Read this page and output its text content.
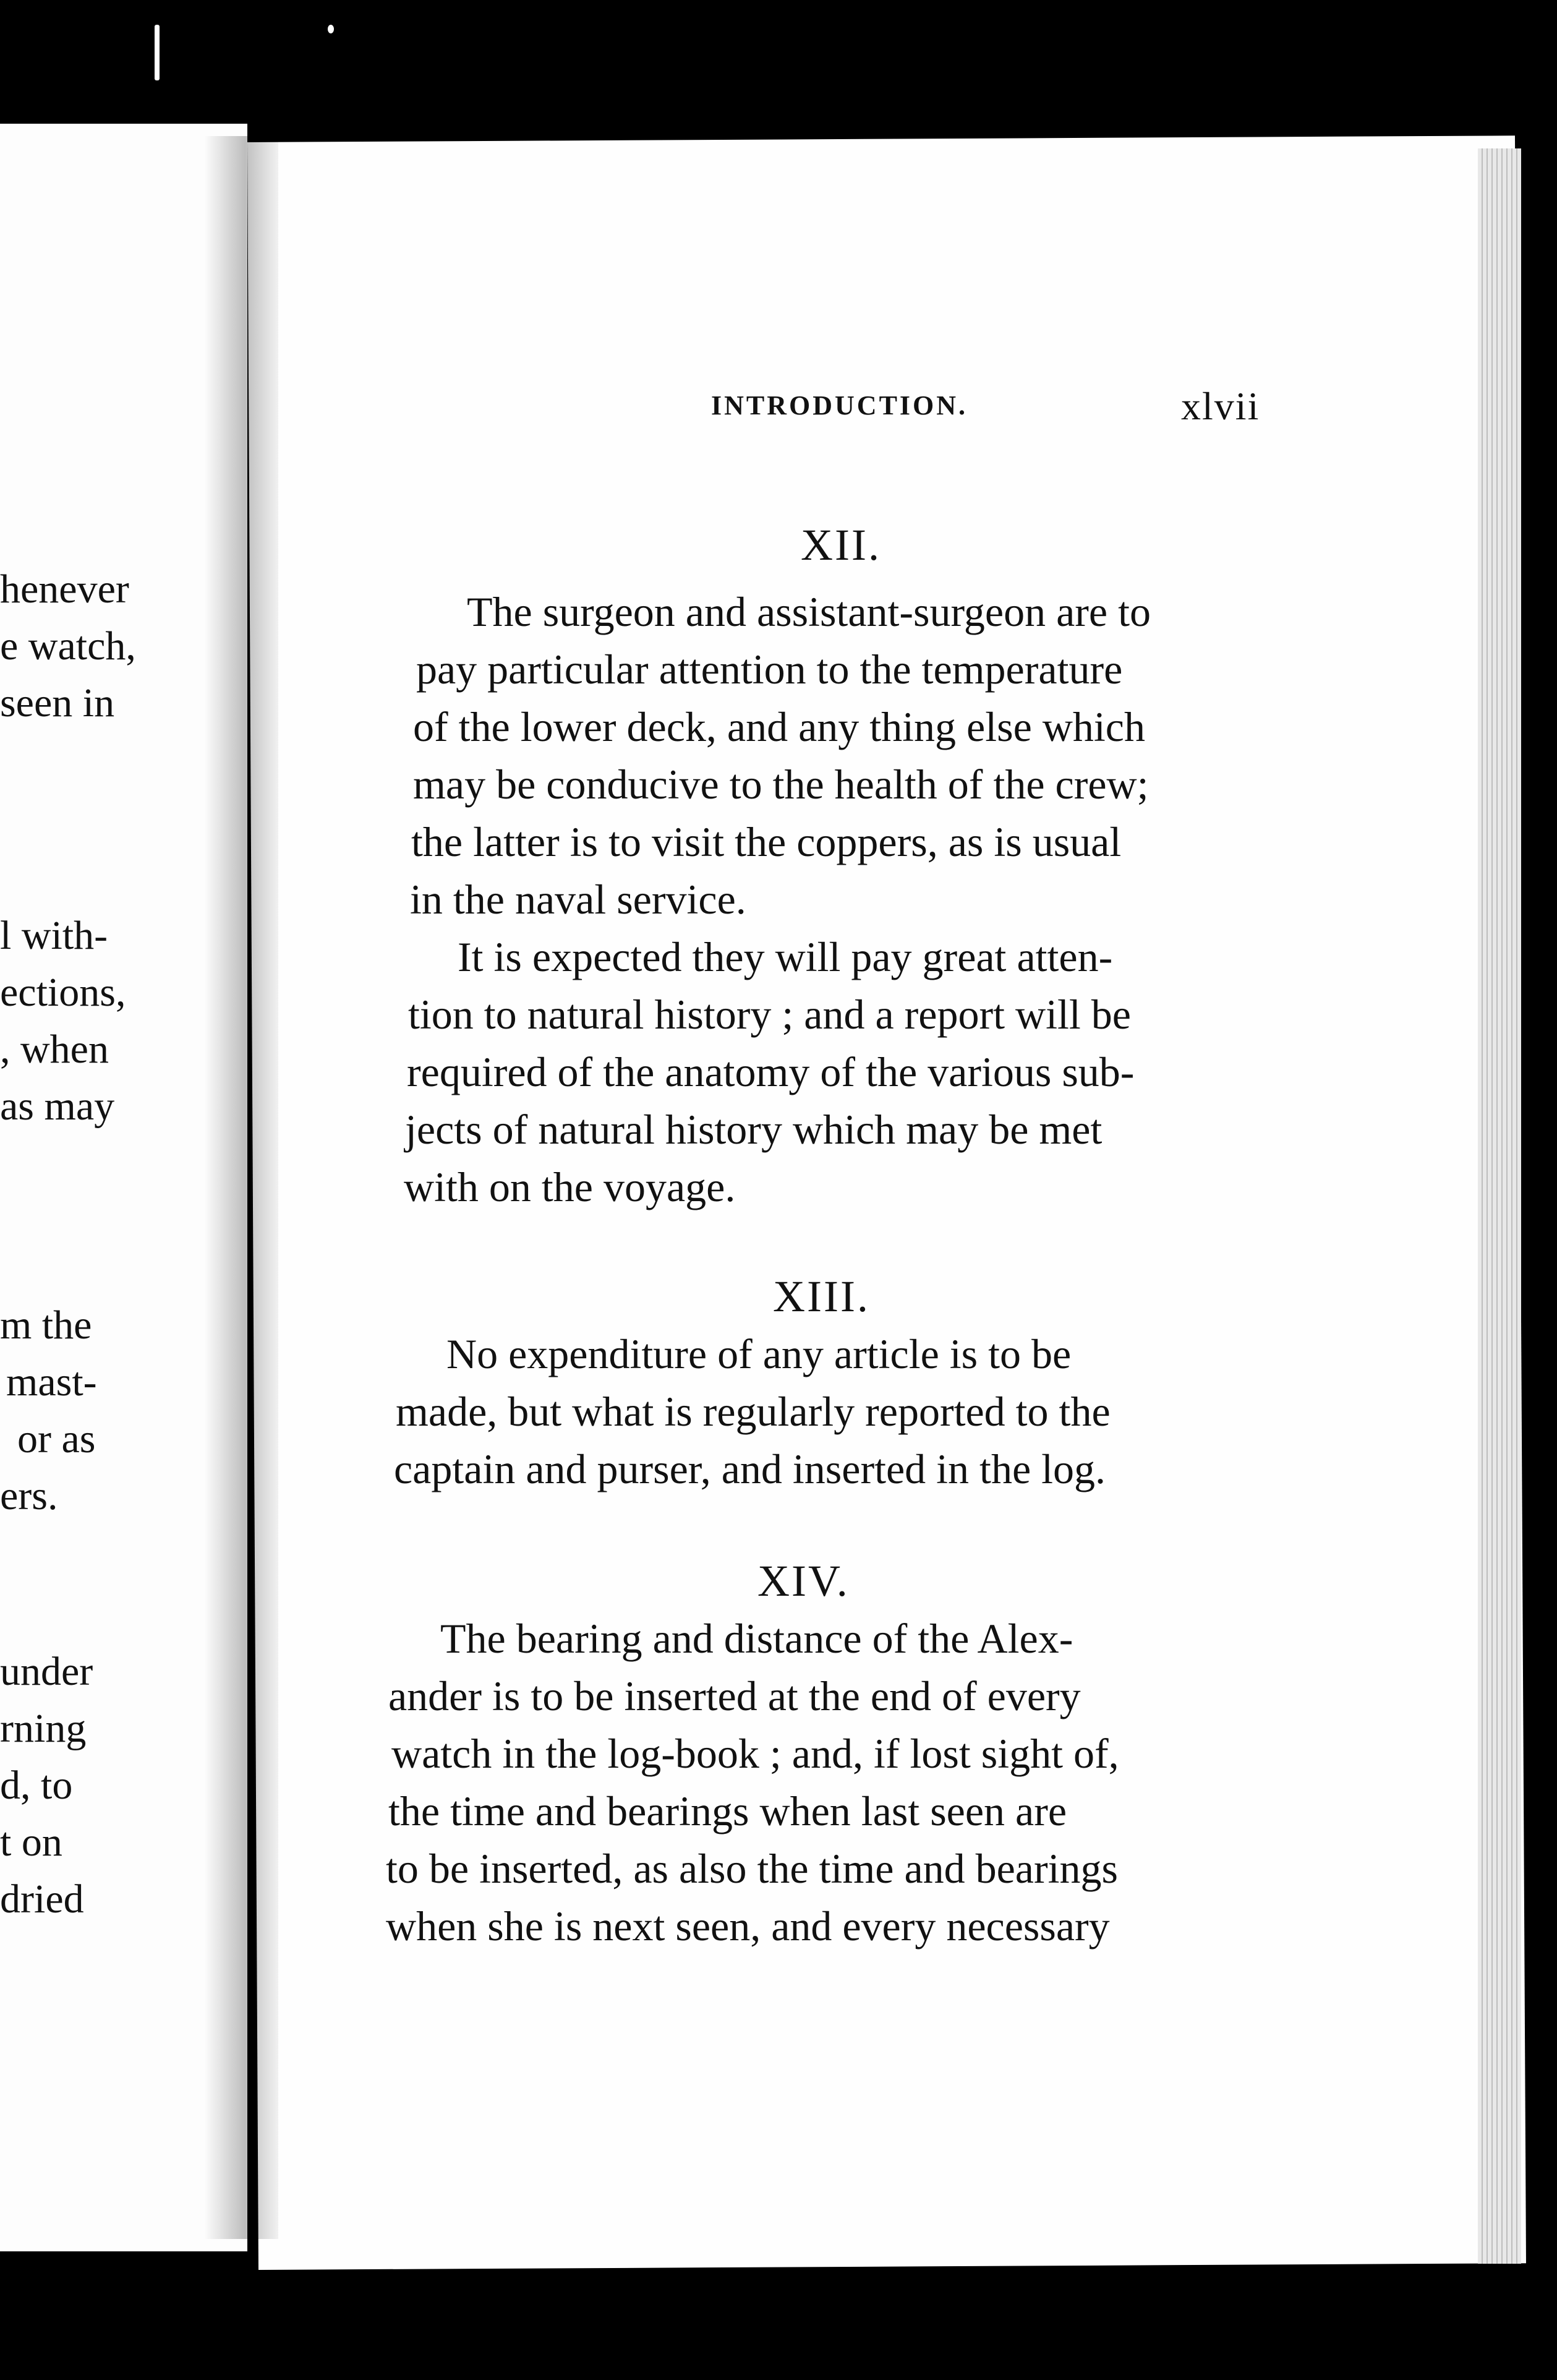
henever
e watch,
seen in
l with-
ections,
, when
as may
m the
mast-
or as
ers.
under
rning
d, to
t on
dried
INTRODUCTION.	xlvii
XII.
The surgeon and assistant-surgeon are to
pay particular attention to the temperature
of the lower deck, and any thing else which
may be conducive to the health of the crew;
the latter is to visit the coppers, as is usual
in the naval service.
It is expected they will pay great atten-
tion to natural history ; and a report will be
required of the anatomy of the various sub-
jects of natural history which may be met
with on the voyage.
XIII.
No expenditure of any article is to be
made, but what is regularly reported to the
captain and purser, and inserted in the log.
XIV.
The bearing and distance of the Alex-
ander is to be inserted at the end of every
watch in the log-book ; and, if lost sight of,
the time and bearings when last seen are
to be inserted, as also the time and bearings
when she is next seen, and every necessary
